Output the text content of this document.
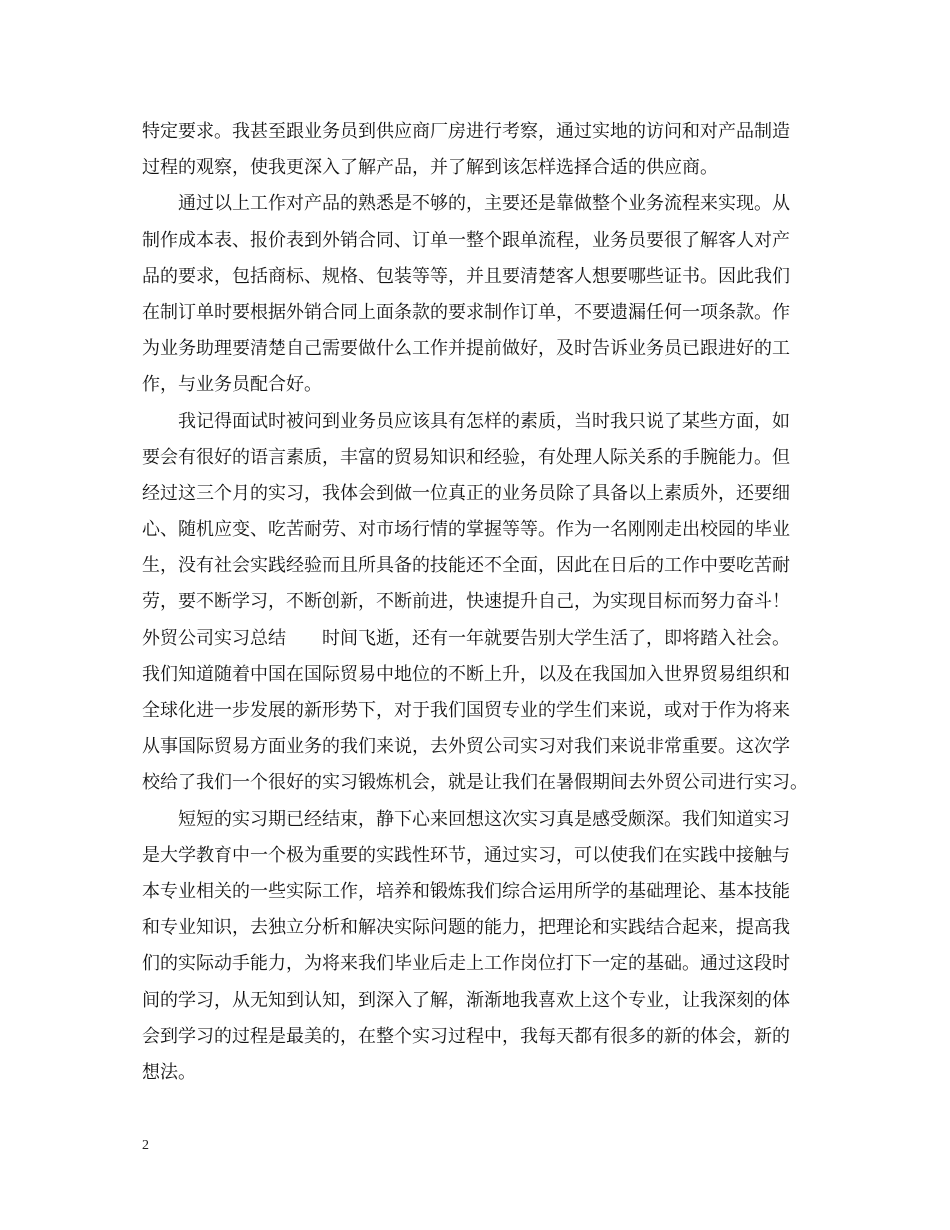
特定要求。我甚至跟业务员到供应商厂房进行考察，通过实地的访问和对产品制造
过程的观察，使我更深入了解产品，并了解到该怎样选择合适的供应商。
通过以上工作对产品的熟悉是不够的，主要还是靠做整个业务流程来实现。从
制作成本表、报价表到外销合同、订单一整个跟单流程，业务员要很了解客人对产
品的要求，包括商标、规格、包装等等，并且要清楚客人想要哪些证书。因此我们
在制订单时要根据外销合同上面条款的要求制作订单，不要遗漏任何一项条款。作
为业务助理要清楚自己需要做什么工作并提前做好，及时告诉业务员已跟进好的工
作，与业务员配合好。
我记得面试时被问到业务员应该具有怎样的素质，当时我只说了某些方面，如
要会有很好的语言素质，丰富的贸易知识和经验，有处理人际关系的手腕能力。但
经过这三个月的实习，我体会到做一位真正的业务员除了具备以上素质外，还要细
心、随机应变、吃苦耐劳、对市场行情的掌握等等。作为一名刚刚走出校园的毕业
生，没有社会实践经验而且所具备的技能还不全面，因此在日后的工作中要吃苦耐
劳，要不断学习，不断创新，不断前进，快速提升自己，为实现目标而努力奋斗！
外贸公司实习总结 时间飞逝，还有一年就要告别大学生活了，即将踏入社会。
我们知道随着中国在国际贸易中地位的不断上升，以及在我国加入世界贸易组织和
全球化进一步发展的新形势下，对于我们国贸专业的学生们来说，或对于作为将来
从事国际贸易方面业务的我们来说，去外贸公司实习对我们来说非常重要。这次学
校给了我们一个很好的实习锻炼机会，就是让我们在暑假期间去外贸公司进行实习。
短短的实习期已经结束，静下心来回想这次实习真是感受颇深。我们知道实习
是大学教育中一个极为重要的实践性环节，通过实习，可以使我们在实践中接触与
本专业相关的一些实际工作，培养和锻炼我们综合运用所学的基础理论、基本技能
和专业知识，去独立分析和解决实际问题的能力，把理论和实践结合起来，提高我
们的实际动手能力，为将来我们毕业后走上工作岗位打下一定的基础。通过这段时
间的学习，从无知到认知，到深入了解，渐渐地我喜欢上这个专业，让我深刻的体
会到学习的过程是最美的，在整个实习过程中，我每天都有很多的新的体会，新的
想法。
2
